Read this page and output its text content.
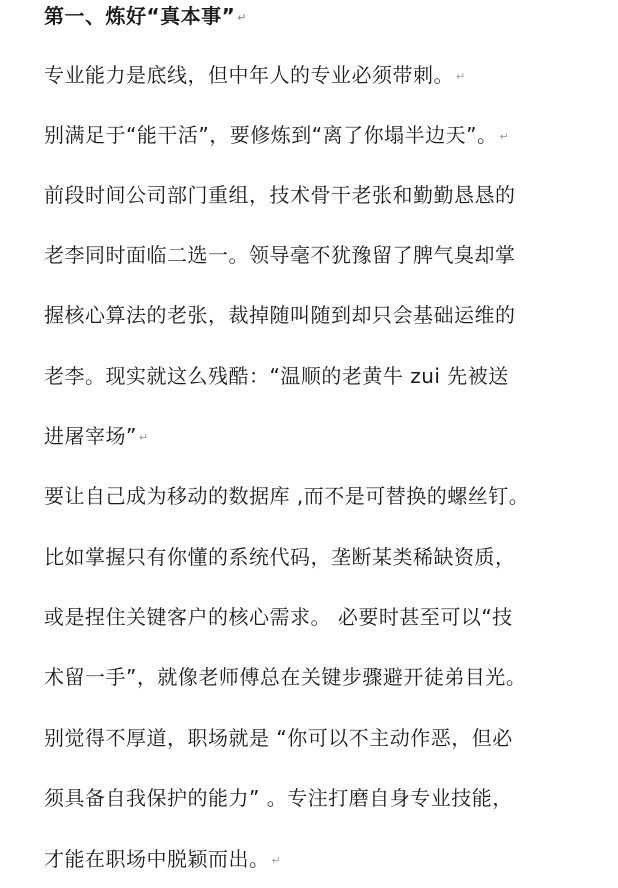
第一、炼好“真本事” ↵
专业能力是底线，但中年人的专业必须带刺。 ↵
别满足于“能干活”，要修炼到“离了你塌半边天”。 ↵
前段时间公司部门重组，技术骨干老张和勤勤恳恳的
老李同时面临二选一。领导毫不犹豫留了脾气臭却掌
握核心算法的老张，裁掉随叫随到却只会基础运维的
老李。现实就这么残酷：“温顺的老黄牛 zui 先被送
进屠宰场” ↵
要让自己成为移动的数据库 ,而不是可替换的螺丝钉。
比如掌握只有你懂的系统代码，垄断某类稀缺资质，
或是捏住关键客户的核心需求。 必要时甚至可以“技
术留一手”，就像老师傅总在关键步骤避开徒弟目光。
别觉得不厚道，职场就是 “你可以不主动作恶，但必
须具备自我保护的能力” 。专注打磨自身专业技能，
才能在职场中脱颖而出。 ↵
